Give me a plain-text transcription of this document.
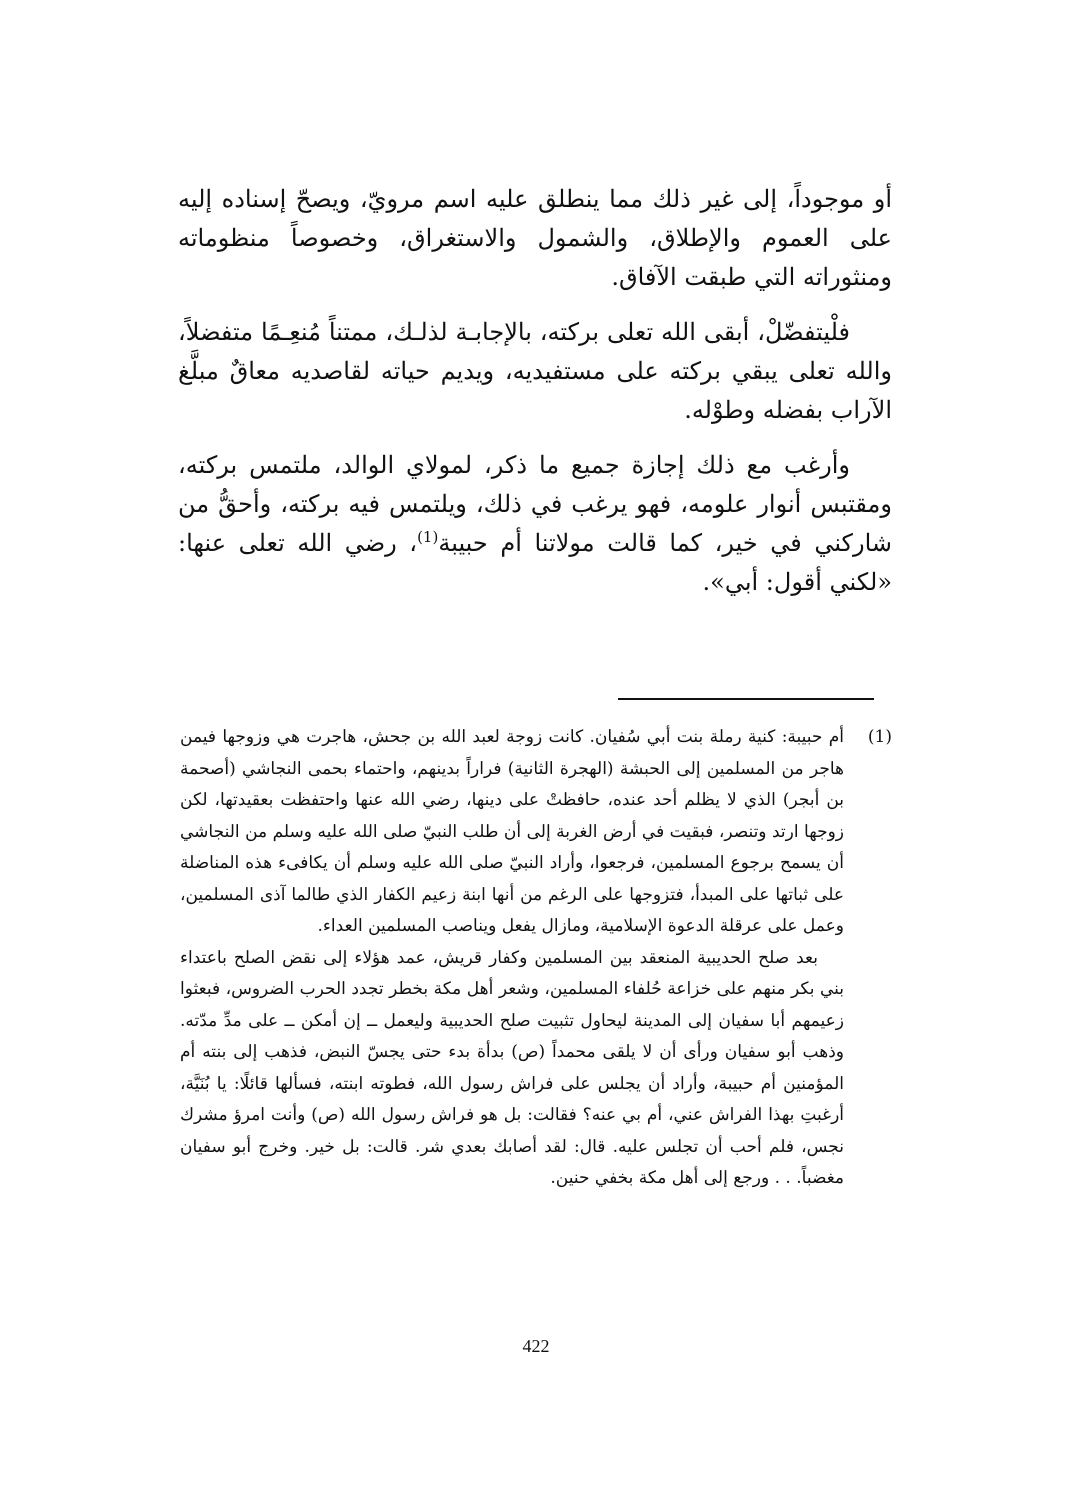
أو موجوداً، إلى غير ذلك مما ينطلق عليه اسم مرويّ، ويصحّ إسناده إليه على العموم والإطلاق، والشمول والاستغراق، وخصوصاً منظوماته ومنثوراته التي طبقت الآفاق.

فلْيتفضّلْ، أبقى الله تعلى بركته، بالإجابـة لذلـك، ممتناً مُنعِـمًا متفضلاً، والله تعلى يبقي بركته على مستفيديه، ويديم حياته لقاصديه معاقٌ مبلَّغ الآراب بفضله وطوْله.

وأرغب مع ذلك إجازة جميع ما ذكر، لمولاي الوالد، ملتمس بركته، ومقتبس أنوار علومه، فهو يرغب في ذلك، ويلتمس فيه بركته، وأحقُّ من شاركني في خير، كما قالت مولاتنا أم حبيبة$^{(1)}$، رضي الله تعلى عنها: «لكني أقول: أبي».

(1)

أم حبيبة: كنية رملة بنت أبي سُفيان. كانت زوجة لعبد الله بن جحش، هاجرت هي وزوجها فيمن هاجر من المسلمين إلى الحبشة (الهجرة الثانية) فراراً بدينهم، واحتماء بحمى النجاشي (أصحمة بن أبجر) الذي لا يظلم أحد عنده، حافظتْ على دينها، رضي الله عنها واحتفظت بعقيدتها، لكن زوجها ارتد وتنصر، فبقيت في أرض الغربة إلى أن طلب النبيّ صلى الله عليه وسلم من النجاشي أن يسمح برجوع المسلمين، فرجعوا، وأراد النبيّ صلى الله عليه وسلم أن يكافىء هذه المناضلة على ثباتها على المبدأ، فتزوجها على الرغم من أنها ابنة زعيم الكفار الذي طالما آذى المسلمين، وعمل على عرقلة الدعوة الإسلامية، ومازال يفعل ويناصب المسلمين العداء.

بعد صلح الحديبية المنعقد بين المسلمين وكفار قريش، عمد هؤلاء إلى نقض الصلح باعتداء بني بكر منهم على خزاعة حُلفاء المسلمين، وشعر أهل مكة بخطر تجدد الحرب الضروس، فبعثوا زعيمهم أبا سفيان إلى المدينة ليحاول تثبيت صلح الحديبية وليعمل ــ إن أمكن ــ على مدِّ مدّته. وذهب أبو سفيان ورأى أن لا يلقى محمداً (ص) بدأة بدء حتى يجسّ النبض، فذهب إلى بنته أم المؤمنين أم حبيبة، وأراد أن يجلس على فراش رسول الله، فطوته ابنته، فسألها قائلًا: يا بُنَيَّة، أرغبتِ بهذا الفراش عني، أم بي عنه؟ فقالت: بل هو فراش رسول الله (ص) وأنت امرؤ مشرك نجس، فلم أحب أن تجلس عليه. قال: لقد أصابك بعدي شر. قالت: بل خير. وخرج أبو سفيان مغضباً. . . ورجع إلى أهل مكة بخفي حنين.

422
